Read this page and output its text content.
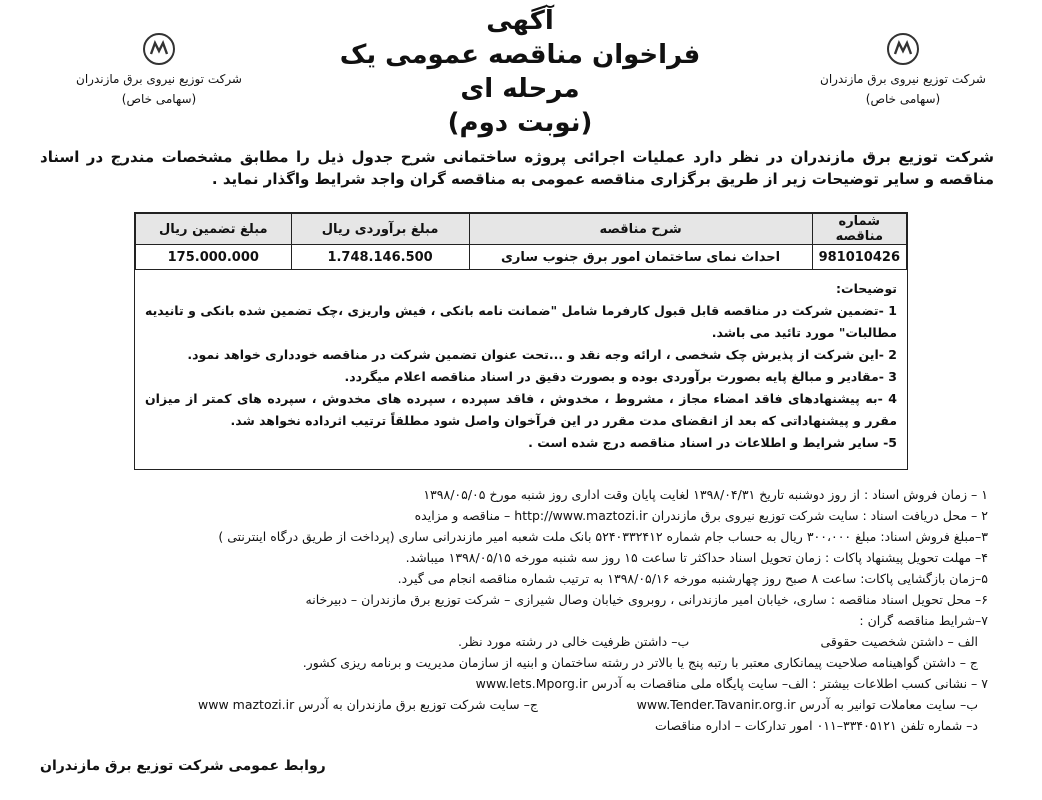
شرکت توزیع نیروی برق مازندران
(سهامی خاص)
شرکت توزیع نیروی برق مازندران
(سهامی خاص)
آگهی
فراخوان مناقصه عمومی یک مرحله ای
(نوبت دوم)
شرکت توزیع برق مازندران در نظر دارد عملیات اجرائی پروژه ساختمانی شرح جدول ذیل را مطابق مشخصات مندرج در اسناد مناقصه و سایر توضیحات زیر از طریق برگزاری مناقصه عمومی به مناقصه گران واجد شرایط واگذار نماید .
شماره مناقصه	شرح مناقصه	مبلغ برآوردی ریال	مبلغ تضمین ریال
981010426	احداث نمای ساختمان امور برق جنوب ساری	1.748.146.500	175.000.000
توضیحات:
1 -تضمین شرکت در مناقصه قابل قبول کارفرما شامل "ضمانت نامه بانکی ، فیش واریزی ،چک تضمین شده بانکی و تانیدیه مطالبات" مورد تائید می باشد.
2 -این شرکت از پذیرش چک شخصی ، ارائه وجه نقد و ...تحت عنوان تضمین شرکت در مناقصه خودداری خواهد نمود.
3 -مقادیر و مبالغ پایه بصورت برآوردی بوده و بصورت دقیق در اسناد مناقصه اعلام میگردد.
4 -به پیشنهادهای فاقد امضاء مجاز ، مشروط ، مخدوش ، فاقد سپرده ، سپرده های مخدوش ، سپرده های کمتر از میزان مقرر و پیشنهاداتی که بعد از انقضای مدت مقرر در این فرآخوان واصل شود مطلقاً ترتیب اثرداده نخواهد شد.
5- سایر شرایط و اطلاعات در اسناد مناقصه درج شده است .
۱ – زمان فروش اسناد : از روز دوشنبه تاریخ ۱۳۹۸/۰۴/۳۱ لغایت پایان وقت اداری روز شنبه مورخ ۱۳۹۸/۰۵/۰۵
۲ – محل دریافت اسناد : سایت شرکت توزیع نیروی برق مازندران http://www.maztozi.ir – مناقصه و مزایده
۳–مبلغ فروش اسناد: مبلغ ۳۰۰،۰۰۰ ریال به حساب جام شماره ۵۲۴۰۳۳۲۴۱۲ بانک ملت شعبه امیر مازندرانی ساری (پرداخت از طریق درگاه اینترنتی )
۴– مهلت تحویل پیشنهاد پاکات : زمان تحویل اسناد حداکثر تا ساعت ۱۵ روز سه شنبه مورخه ۱۳۹۸/۰۵/۱۵ میباشد.
۵–زمان بازگشایی پاکات: ساعت ۸ صبح روز چهارشنبه مورخه ۱۳۹۸/۰۵/۱۶ به ترتیب شماره مناقصه انجام می گیرد.
۶– محل تحویل اسناد مناقصه : ساری، خیابان امیر مازندرانی ، روبروی خیابان وصال شیرازی – شرکت توزیع برق مازندران – دبیرخانه
۷–شرایط مناقصه گران :
الف – داشتن شخصیت حقوقی
ب– داشتن ظرفیت خالی در رشته مورد نظر.
ج – داشتن گواهینامه صلاحیت پیمانکاری معتبر با رتبه پنج یا بالاتر در رشته ساختمان و ابنیه از سازمان مدیریت و برنامه ریزی کشور.
۷ – نشانی کسب اطلاعات بیشتر : الف– سایت پایگاه ملی مناقصات به آدرس www.lets.Mporg.ir
ب– سایت معاملات توانیر به آدرس www.Tender.Tavanir.org.ir
ج– سایت شرکت توزیع برق مازندران به آدرس www maztozi.ir
د– شماره تلفن ۳۳۴۰۵۱۲۱–۰۱۱ امور تدارکات – اداره مناقصات
روابط عمومی شرکت توزیع برق مازندران
